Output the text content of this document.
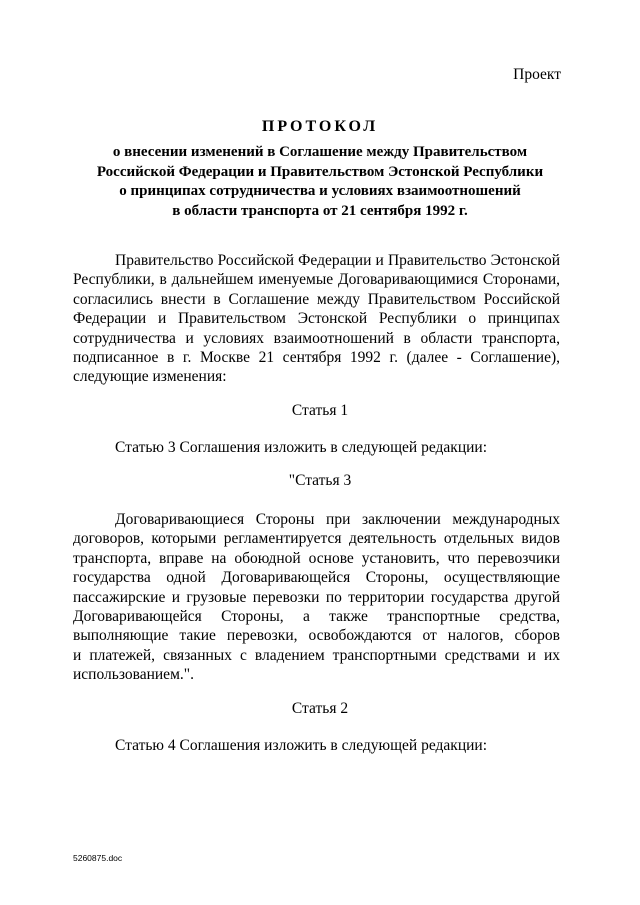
Проект
ПРОТОКОЛ
о внесении изменений в Соглашение между Правительством
Российской Федерации и Правительством Эстонской Республики
о принципах сотрудничества и условиях взаимоотношений
в области транспорта от 21 сентября 1992 г.
Правительство Российской Федерации и Правительство Эстонской
Республики, в дальнейшем именуемые Договаривающимися Сторонами,
согласились внести в Соглашение между Правительством Российской
Федерации и Правительством Эстонской Республики о принципах
сотрудничества и условиях взаимоотношений в области транспорта,
подписанное в г. Москве 21 сентября 1992 г. (далее - Соглашение),
следующие изменения:
Статья 1
Статью 3 Соглашения изложить в следующей редакции:
"Статья 3
Договаривающиеся Стороны при заключении международных
договоров, которыми регламентируется деятельность отдельных видов
транспорта, вправе на обоюдной основе установить, что перевозчики
государства одной Договаривающейся Стороны, осуществляющие
пассажирские и грузовые перевозки по территории государства другой
Договаривающейся Стороны, а также транспортные средства,
выполняющие такие перевозки, освобождаются от налогов, сборов
и платежей, связанных с владением транспортными средствами и их
использованием.".
Статья 2
Статью 4 Соглашения изложить в следующей редакции:
5260875.doc
